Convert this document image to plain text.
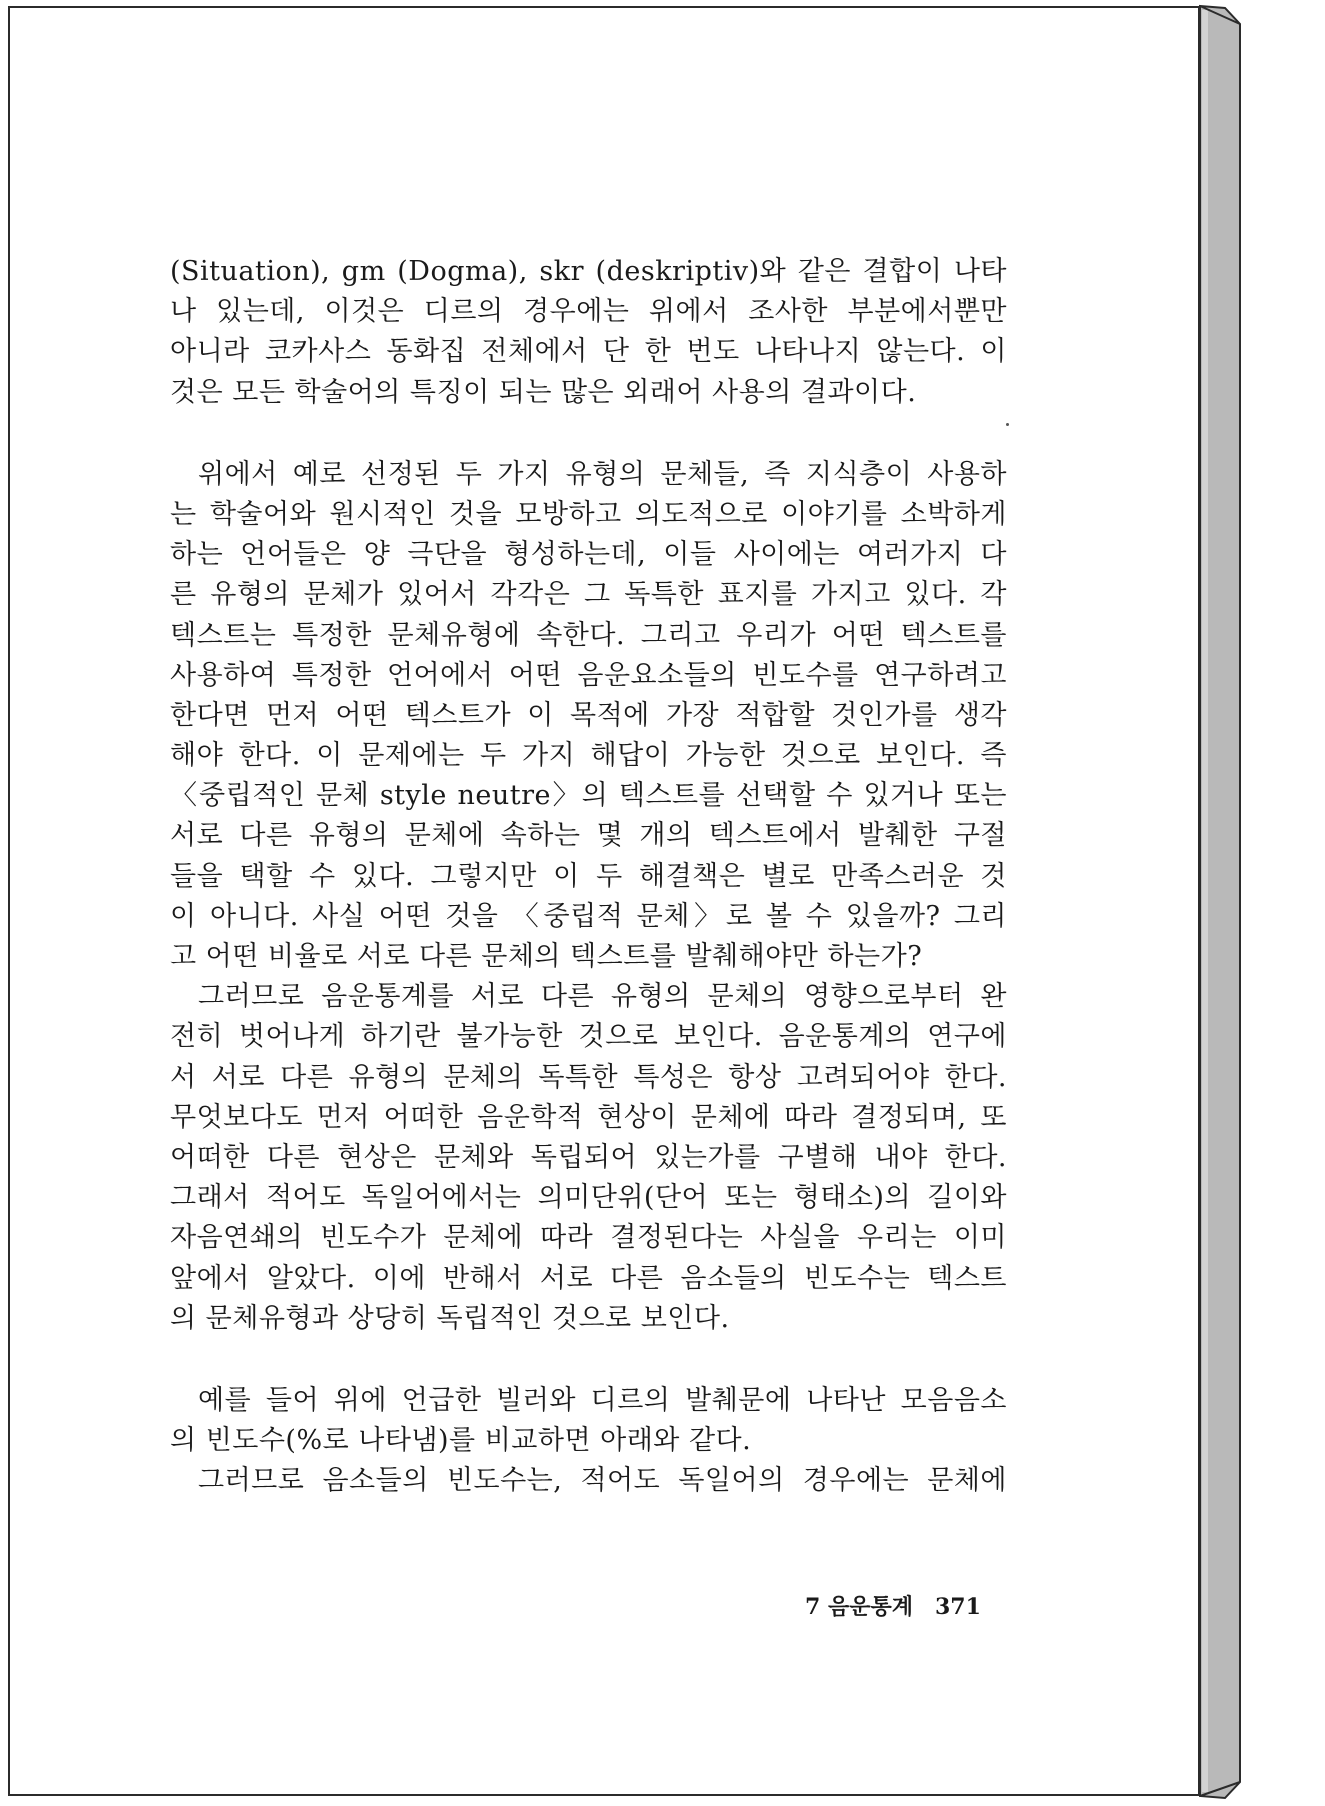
(Situation), gm (Dogma), skr (deskriptiv)와 같은 결합이 나타
나 있는데, 이것은 디르의 경우에는 위에서 조사한 부분에서뿐만
아니라 코카사스 동화집 전체에서 단 한 번도 나타나지 않는다. 이
것은 모든 학술어의 특징이 되는 많은 외래어 사용의 결과이다.
위에서 예로 선정된 두 가지 유형의 문체들, 즉 지식층이 사용하
는 학술어와 원시적인 것을 모방하고 의도적으로 이야기를 소박하게
하는 언어들은 양 극단을 형성하는데, 이들 사이에는 여러가지 다
른 유형의 문체가 있어서 각각은 그 독특한 표지를 가지고 있다. 각
텍스트는 특정한 문체유형에 속한다. 그리고 우리가 어떤 텍스트를
사용하여 특정한 언어에서 어떤 음운요소들의 빈도수를 연구하려고
한다면 먼저 어떤 텍스트가 이 목적에 가장 적합할 것인가를 생각
해야 한다. 이 문제에는 두 가지 해답이 가능한 것으로 보인다. 즉
〈중립적인 문체 style neutre〉의 텍스트를 선택할 수 있거나 또는
서로 다른 유형의 문체에 속하는 몇 개의 텍스트에서 발췌한 구절
들을 택할 수 있다. 그렇지만 이 두 해결책은 별로 만족스러운 것
이 아니다. 사실 어떤 것을 〈중립적 문체〉로 볼 수 있을까? 그리
고 어떤 비율로 서로 다른 문체의 텍스트를 발췌해야만 하는가?
그러므로 음운통계를 서로 다른 유형의 문체의 영향으로부터 완
전히 벗어나게 하기란 불가능한 것으로 보인다. 음운통계의 연구에
서 서로 다른 유형의 문체의 독특한 특성은 항상 고려되어야 한다.
무엇보다도 먼저 어떠한 음운학적 현상이 문체에 따라 결정되며, 또
어떠한 다른 현상은 문체와 독립되어 있는가를 구별해 내야 한다.
그래서 적어도 독일어에서는 의미단위(단어 또는 형태소)의 길이와
자음연쇄의 빈도수가 문체에 따라 결정된다는 사실을 우리는 이미
앞에서 알았다. 이에 반해서 서로 다른 음소들의 빈도수는 텍스트
의 문체유형과 상당히 독립적인 것으로 보인다.
예를 들어 위에 언급한 빌러와 디르의 발췌문에 나타난 모음음소
의 빈도수(%로 나타냄)를 비교하면 아래와 같다.
그러므로 음소들의 빈도수는, 적어도 독일어의 경우에는 문체에
7 음운통계 371
